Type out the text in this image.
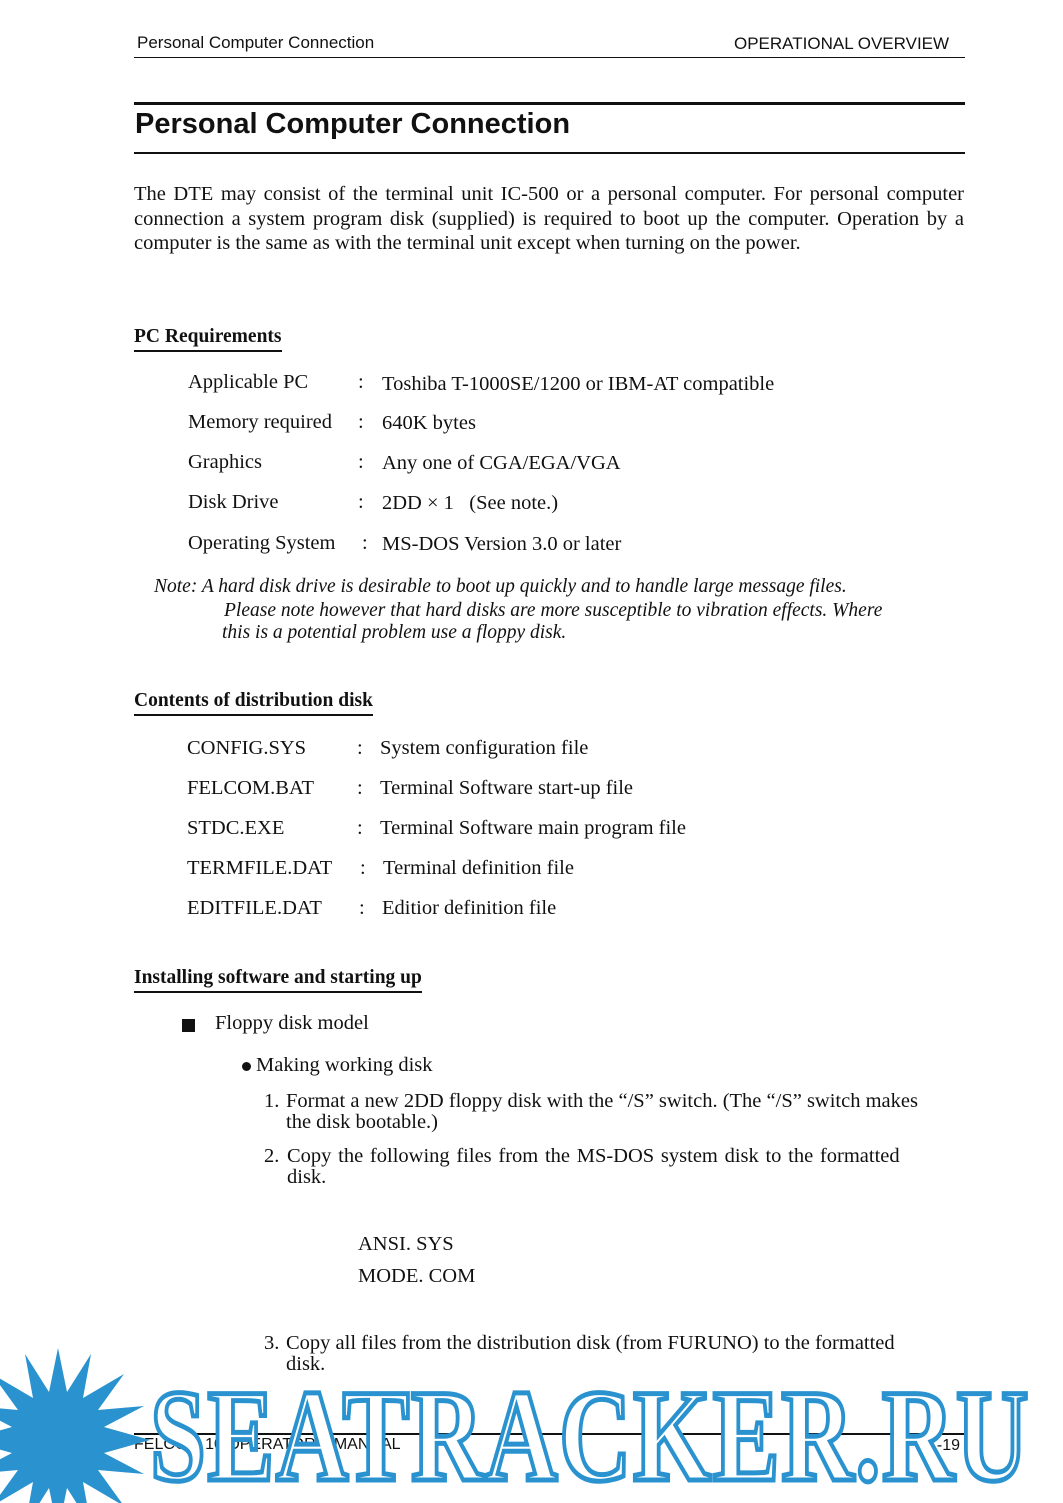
Personal Computer Connection	OPERATIONAL OVERVIEW
Personal Computer Connection
The DTE may consist of the terminal unit IC-500 or a personal computer. For personal computer connection a system program disk (supplied) is required to boot up the computer. Operation by a computer is the same as with the terminal unit except when turning on the power.
PC Requirements
Applicable PC : Toshiba T-1000SE/1200 or IBM-AT compatible
Memory required : 640K bytes
Graphics	: Any one of CGA/EGA/VGA
Disk Drive	: 2DD × 1   (See note.)
Operating System : MS-DOS Version 3.0 or later
Note: A hard disk drive is desirable to boot up quickly and to handle large message files.
Please note however that hard disks are more susceptible to vibration effects. Where
this is a potential problem use a floppy disk.
Contents of distribution disk
CONFIG.SYS : System configuration file
FELCOM.BAT : Terminal Software start-up file
STDC.EXE	: Terminal Software main program file
TERMFILE.DAT : Terminal definition file
EDITFILE.DAT : Editior definition file
Installing software and starting up
Floppy disk model
Making working disk
1. Format a new 2DD floppy disk with the “/S” switch. (The “/S” switch makes
the disk bootable.)
2. Copy the following files from the MS-DOS system disk to the formatted
disk.
ANSI. SYS
MODE. COM
3. Copy all files from the distribution disk (from FURUNO) to the formatted
disk.
FELCOM 10 OPERATOR'S MANUAL	1-19
SEATRACKER.RU
